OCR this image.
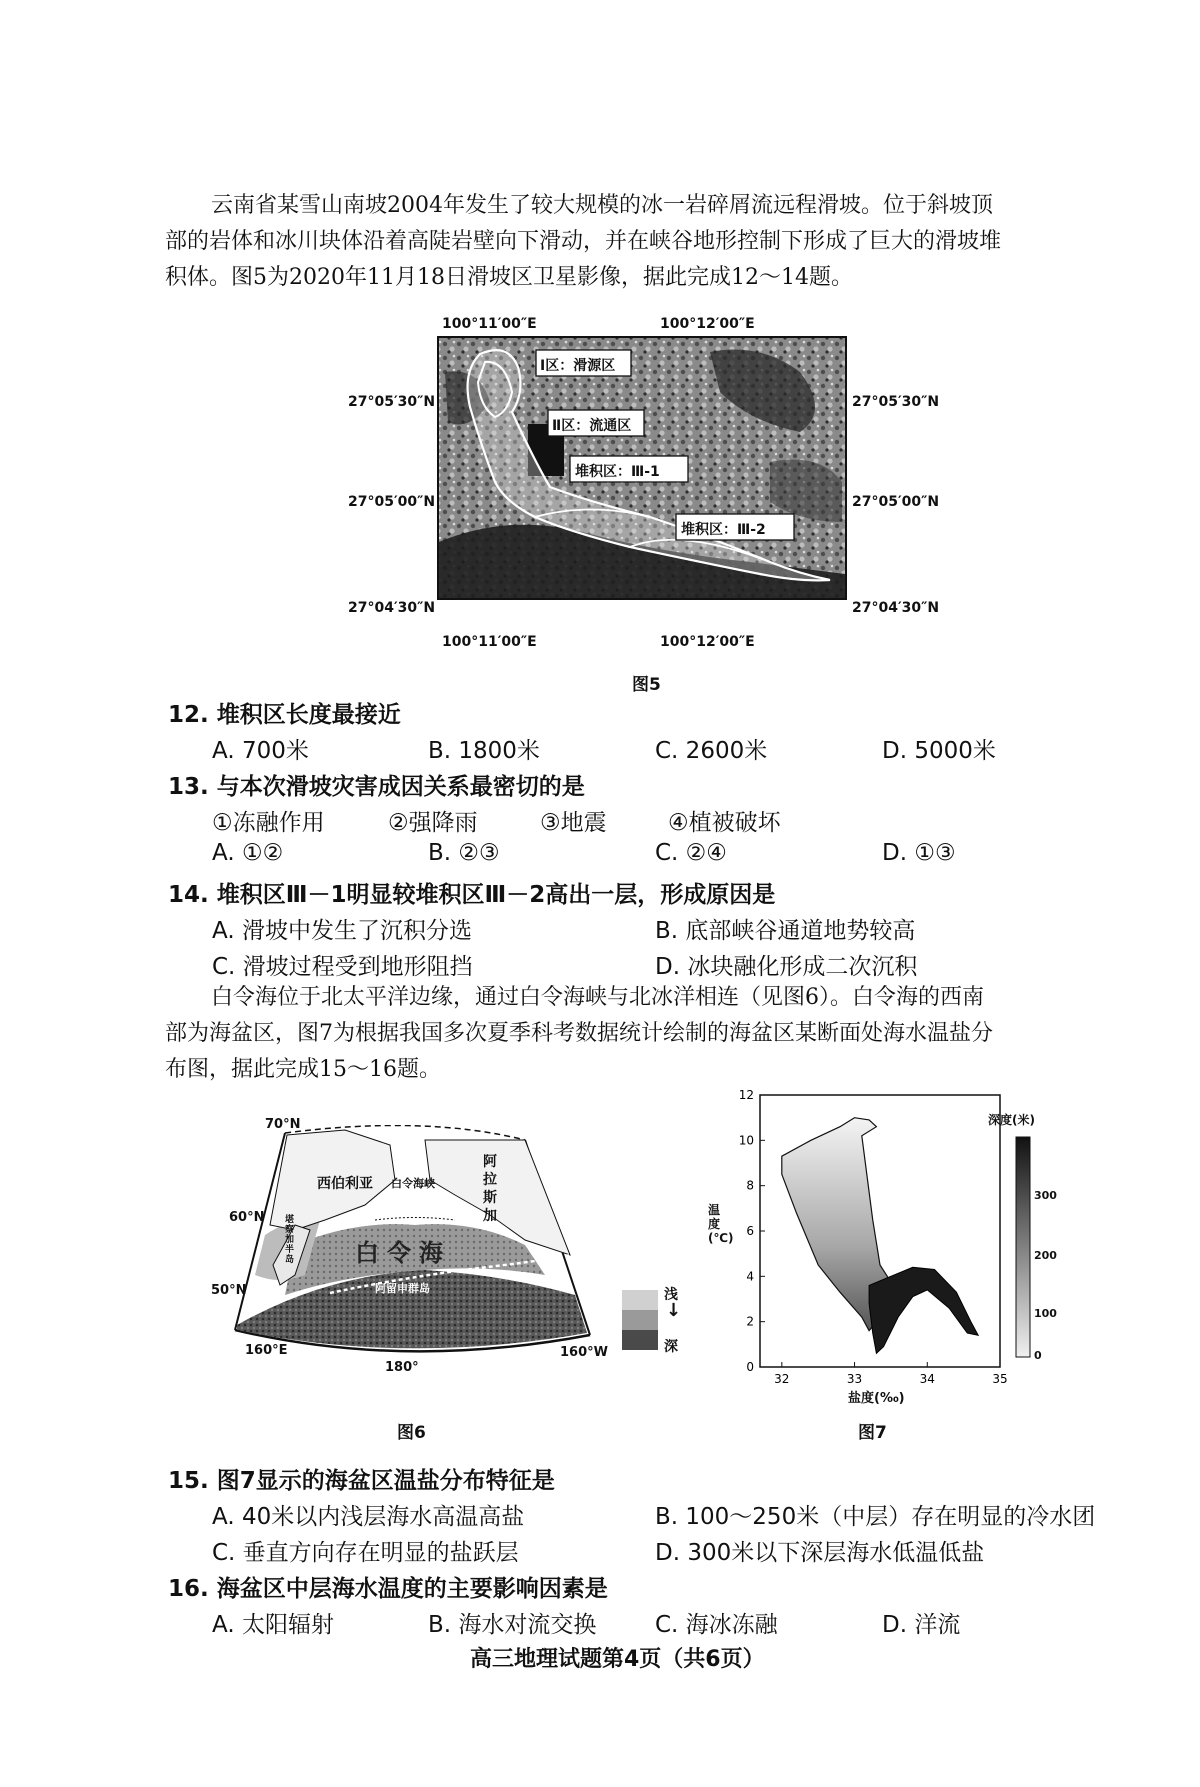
云南省某雪山南坡2004年发生了较大规模的冰一岩碎屑流远程滑坡。位于斜坡顶
部的岩体和冰川块体沿着高陡岩壁向下滑动，并在峡谷地形控制下形成了巨大的滑坡堆
积体。图5为2020年11月18日滑坡区卫星影像，据此完成12～14题。
Ⅰ区：滑源区
Ⅱ区：流通区
堆积区：Ⅲ-1
堆积区：Ⅲ-2
100°11′00″E	100°12′00″E
100°11′00″E	100°12′00″E
27°05′30″N
27°05′00″N
27°04′30″N
27°05′30″N
27°05′00″N
27°04′30″N
图5
12. 堆积区长度最接近
A. 700米	B. 1800米	C. 2600米	D. 5000米
13. 与本次滑坡灾害成因关系最密切的是
①冻融作用	②强降雨	③地震	④植被破坏
A. ①②	B. ②③	C. ②④	D. ①③
14. 堆积区Ⅲ－1明显较堆积区Ⅲ－2高出一层，形成原因是
A. 滑坡中发生了沉积分选	B. 底部峡谷通道地势较高
C. 滑坡过程受到地形阻挡	D. 冰块融化形成二次沉积
白令海位于北太平洋边缘，通过白令海峡与北冰洋相连（见图6）。白令海的西南
部为海盆区，图7为根据我国多次夏季科考数据统计绘制的海盆区某断面处海水温盐分
布图，据此完成15～16题。
西伯利亚 白令海峡
阿拉斯加
白令海
堪察加半岛
阿留申群岛
70°N
60°N
50°N
160°E
180°
160°W
浅
↓
深
图6
12
10
8
6
4
2
0
32	33	34	35
温度(℃)
盐度(‰)
深度(米)
300
200
100
0
图7
15. 图7显示的海盆区温盐分布特征是
A. 40米以内浅层海水高温高盐	B. 100～250米（中层）存在明显的冷水团
C. 垂直方向存在明显的盐跃层	D. 300米以下深层海水低温低盐
16. 海盆区中层海水温度的主要影响因素是
A. 太阳辐射	B. 海水对流交换	C. 海冰冻融	D. 洋流
高三地理试题第4页（共6页）
